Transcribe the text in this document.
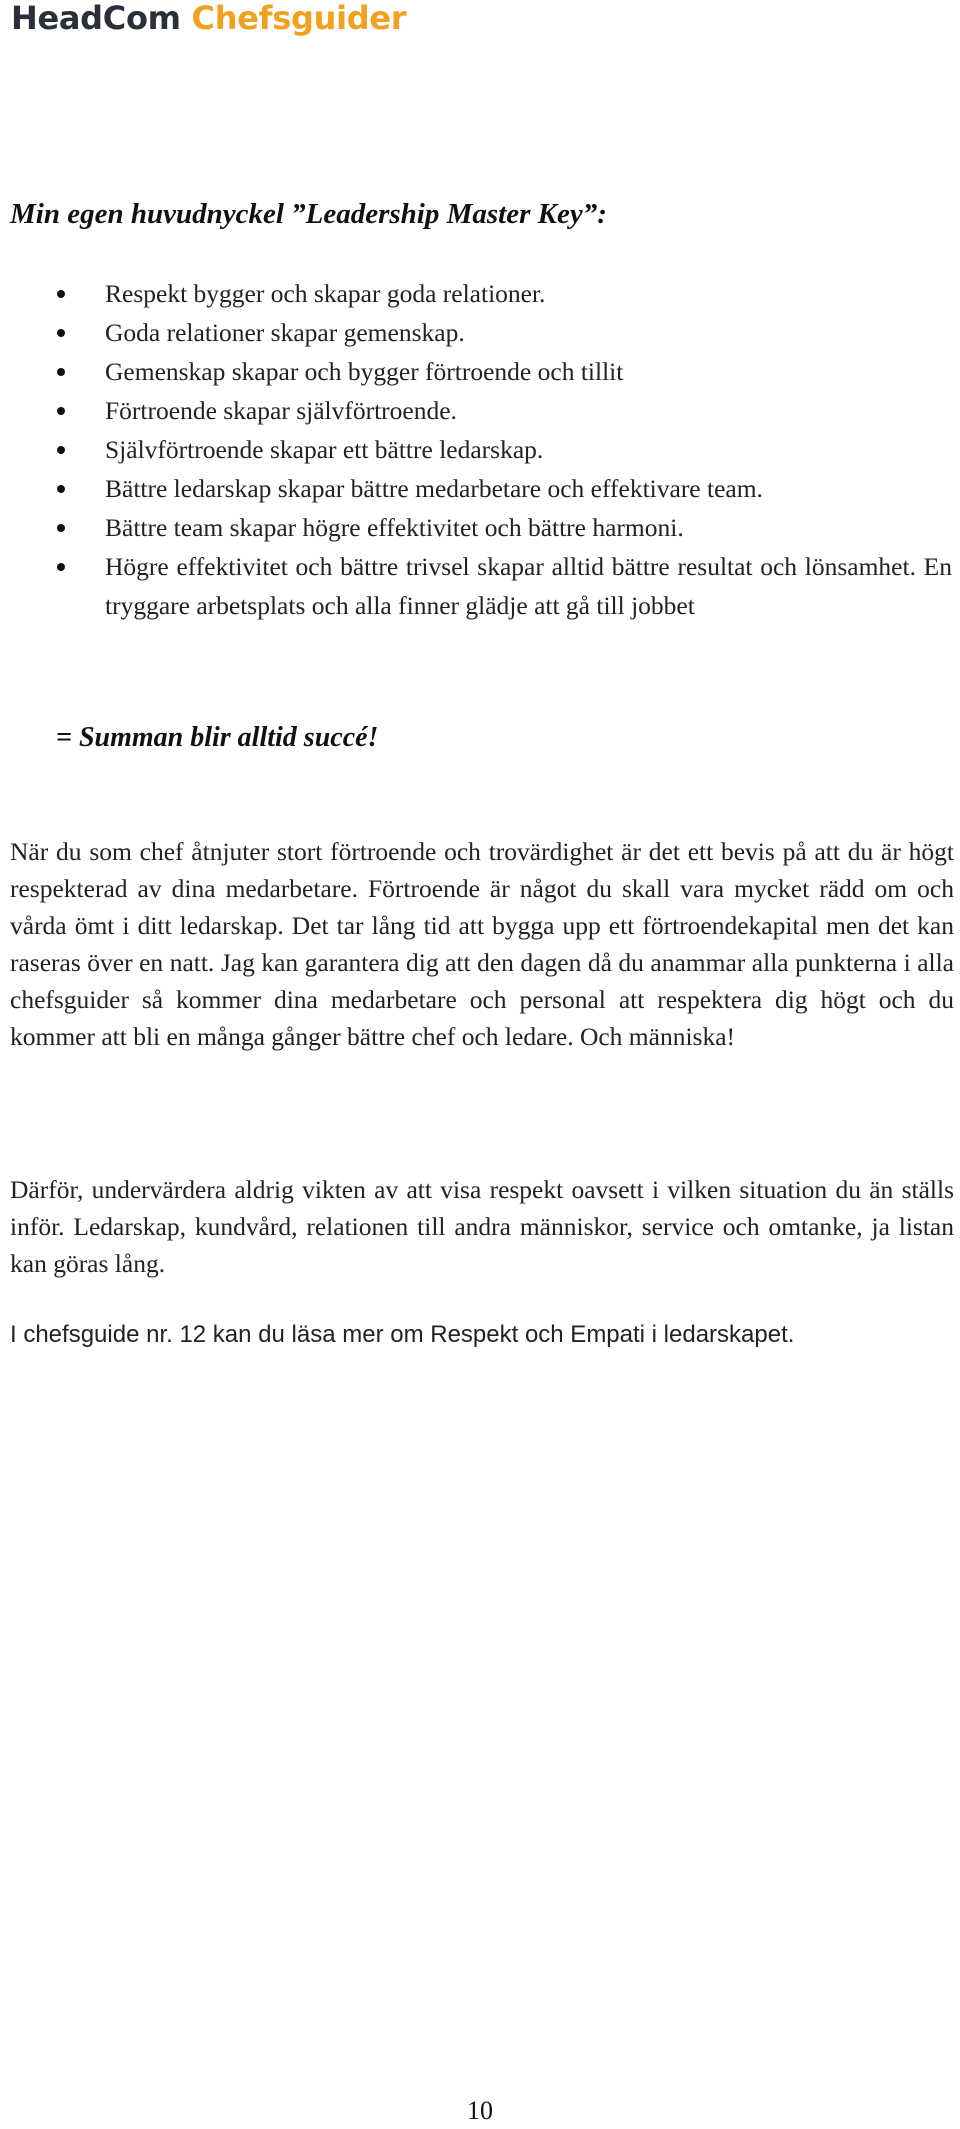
HeadCom Chefsguider
Min egen huvudnyckel ”Leadership Master Key”:
Respekt bygger och skapar goda relationer.
Goda relationer skapar gemenskap.
Gemenskap skapar och bygger förtroende och tillit
Förtroende skapar självförtroende.
Självförtroende skapar ett bättre ledarskap.
Bättre ledarskap skapar bättre medarbetare och effektivare team.
Bättre team skapar högre effektivitet och bättre harmoni.
Högre effektivitet och bättre trivsel skapar alltid bättre resultat och lönsamhet. En tryggare arbetsplats och alla finner glädje att gå till jobbet
= Summan blir alltid succé!

När du som chef åtnjuter stort förtroende och trovärdighet är det ett bevis på att du är högt respekterad av dina medarbetare. Förtroende är något du skall vara mycket rädd om och vårda ömt i ditt ledarskap. Det tar lång tid att bygga upp ett förtroendekapital men det kan raseras över en natt. Jag kan garantera dig att den dagen då du anammar alla punkterna i alla chefsguider så kommer dina medarbetare och personal att respektera dig högt och du kommer att bli en många gånger bättre chef och ledare. Och människa!

Därför, undervärdera aldrig vikten av att visa respekt oavsett i vilken situation du än ställs inför. Ledarskap, kundvård, relationen till andra människor, service och omtanke, ja listan kan göras lång.

I chefsguide nr. 12 kan du läsa mer om Respekt och Empati i ledarskapet.

10
